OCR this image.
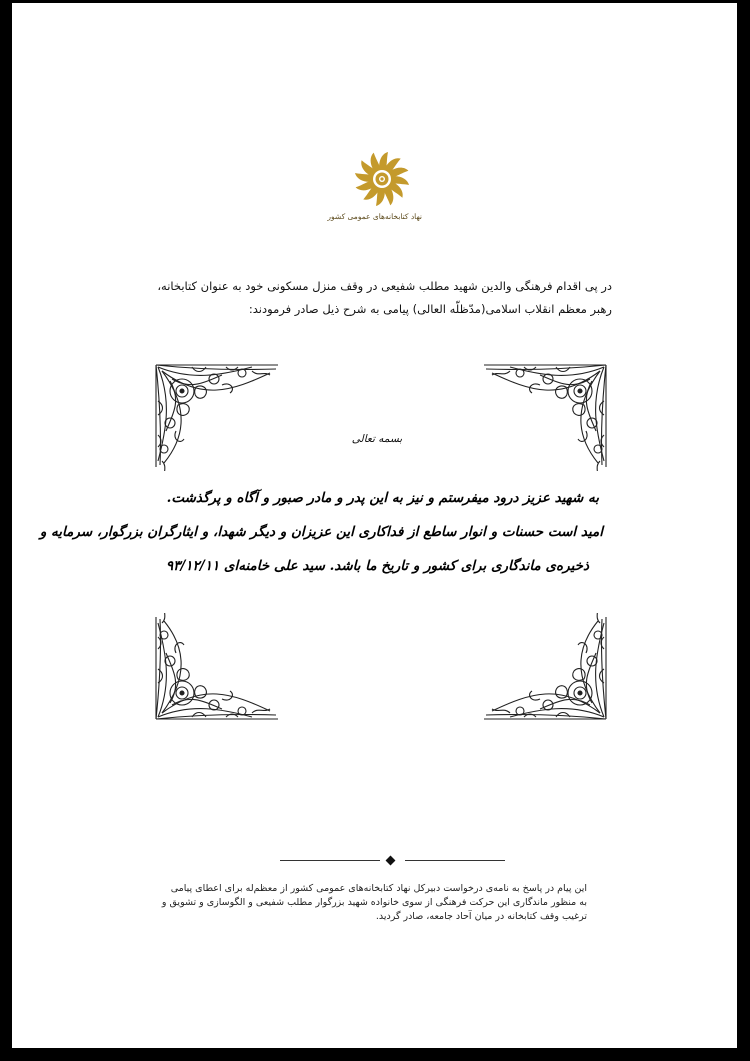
نهاد کتابخانه‌های عمومی کشور
در پی اقدام فرهنگی والدین شهید مطلب شفیعی در وقف منزل مسکونی خود به عنوان کتابخانه،
رهبر معظم انقلاب اسلامی(مدّظلّه العالی) پیامی به شرح ذیل صادر فرمودند:
بسمه تعالی
به شهید عزیز درود میفرستم و نیز به این پدر و مادر صبور و آگاه و پرگذشت.
امید است حسنات و انوار ساطع از فداکاری این عزیزان و دیگر شهدا، و ایثارگران بزرگوار، سرمایه و
ذخیره‌ی ماندگاری برای کشور و تاریخ ما باشد. سید علی خامنه‌ای ۹۳/۱۲/۱۱
این پیام در پاسخ به نامه‌ی درخواست دبیرکل نهاد کتابخانه‌های عمومی کشور از معظم‌له برای اعطای پیامی
به منظور ماندگاری این حرکت فرهنگی از سوی خانواده شهید بزرگوار مطلب شفیعی و الگوسازی و تشویق و
ترغیب وقف کتابخانه در میان آحاد جامعه، صادر گردید.
